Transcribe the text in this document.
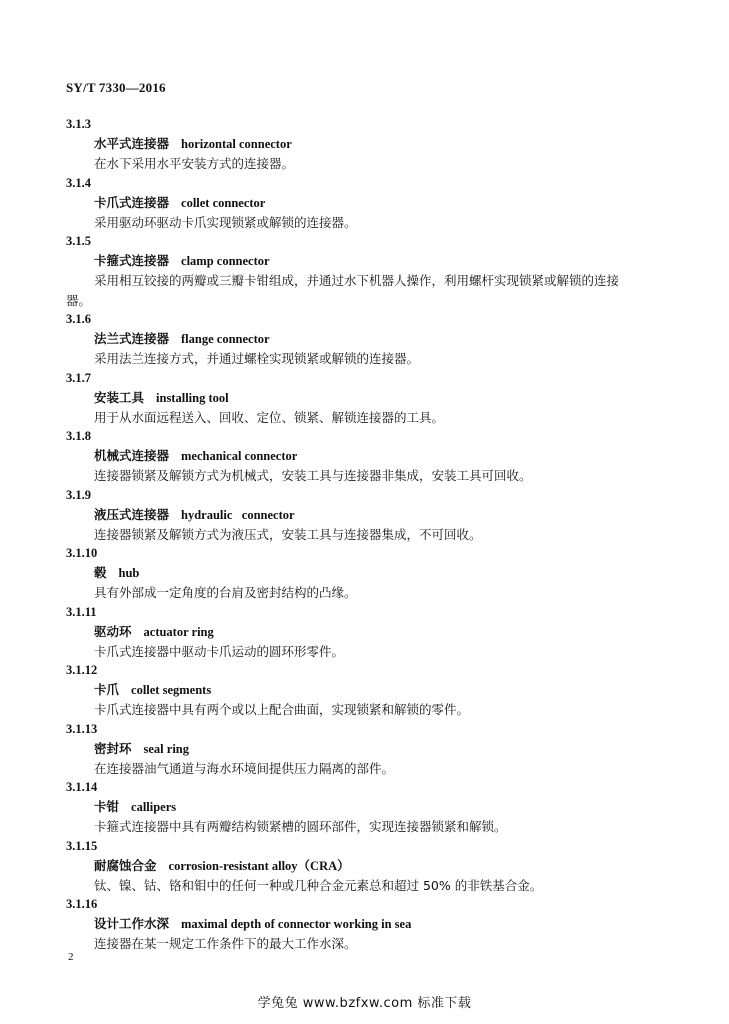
SY/T 7330—2016
3.1.3
水平式连接器 horizontal connector
在水下采用水平安装方式的连接器。
3.1.4
卡爪式连接器 collet connector
采用驱动环驱动卡爪实现锁紧或解锁的连接器。
3.1.5
卡箍式连接器 clamp connector
采用相互铰接的两瓣或三瓣卡钳组成，并通过水下机器人操作，利用螺杆实现锁紧或解锁的连接
器。
3.1.6
法兰式连接器 flange connector
采用法兰连接方式，并通过螺栓实现锁紧或解锁的连接器。
3.1.7
安装工具 installing tool
用于从水面远程送入、回收、定位、锁紧、解锁连接器的工具。
3.1.8
机械式连接器 mechanical connector
连接器锁紧及解锁方式为机械式，安装工具与连接器非集成，安装工具可回收。
3.1.9
液压式连接器 hydraulic   connector
连接器锁紧及解锁方式为液压式，安装工具与连接器集成，不可回收。
3.1.10
毂 hub
具有外部成一定角度的台肩及密封结构的凸缘。
3.1.11
驱动环 actuator ring
卡爪式连接器中驱动卡爪运动的圆环形零件。
3.1.12
卡爪 collet segments
卡爪式连接器中具有两个或以上配合曲面，实现锁紧和解锁的零件。
3.1.13
密封环 seal ring
在连接器油气通道与海水环境间提供压力隔离的部件。
3.1.14
卡钳 callipers
卡箍式连接器中具有两瓣结构锁紧槽的圆环部件，实现连接器锁紧和解锁。
3.1.15
耐腐蚀合金 corrosion-resistant alloy（CRA）
钛、镍、钴、铬和钼中的任何一种或几种合金元素总和超过 50% 的非铁基合金。
3.1.16
设计工作水深 maximal depth of connector working in sea
连接器在某一规定工作条件下的最大工作水深。
2
学兔兔 www.bzfxw.com 标准下载
